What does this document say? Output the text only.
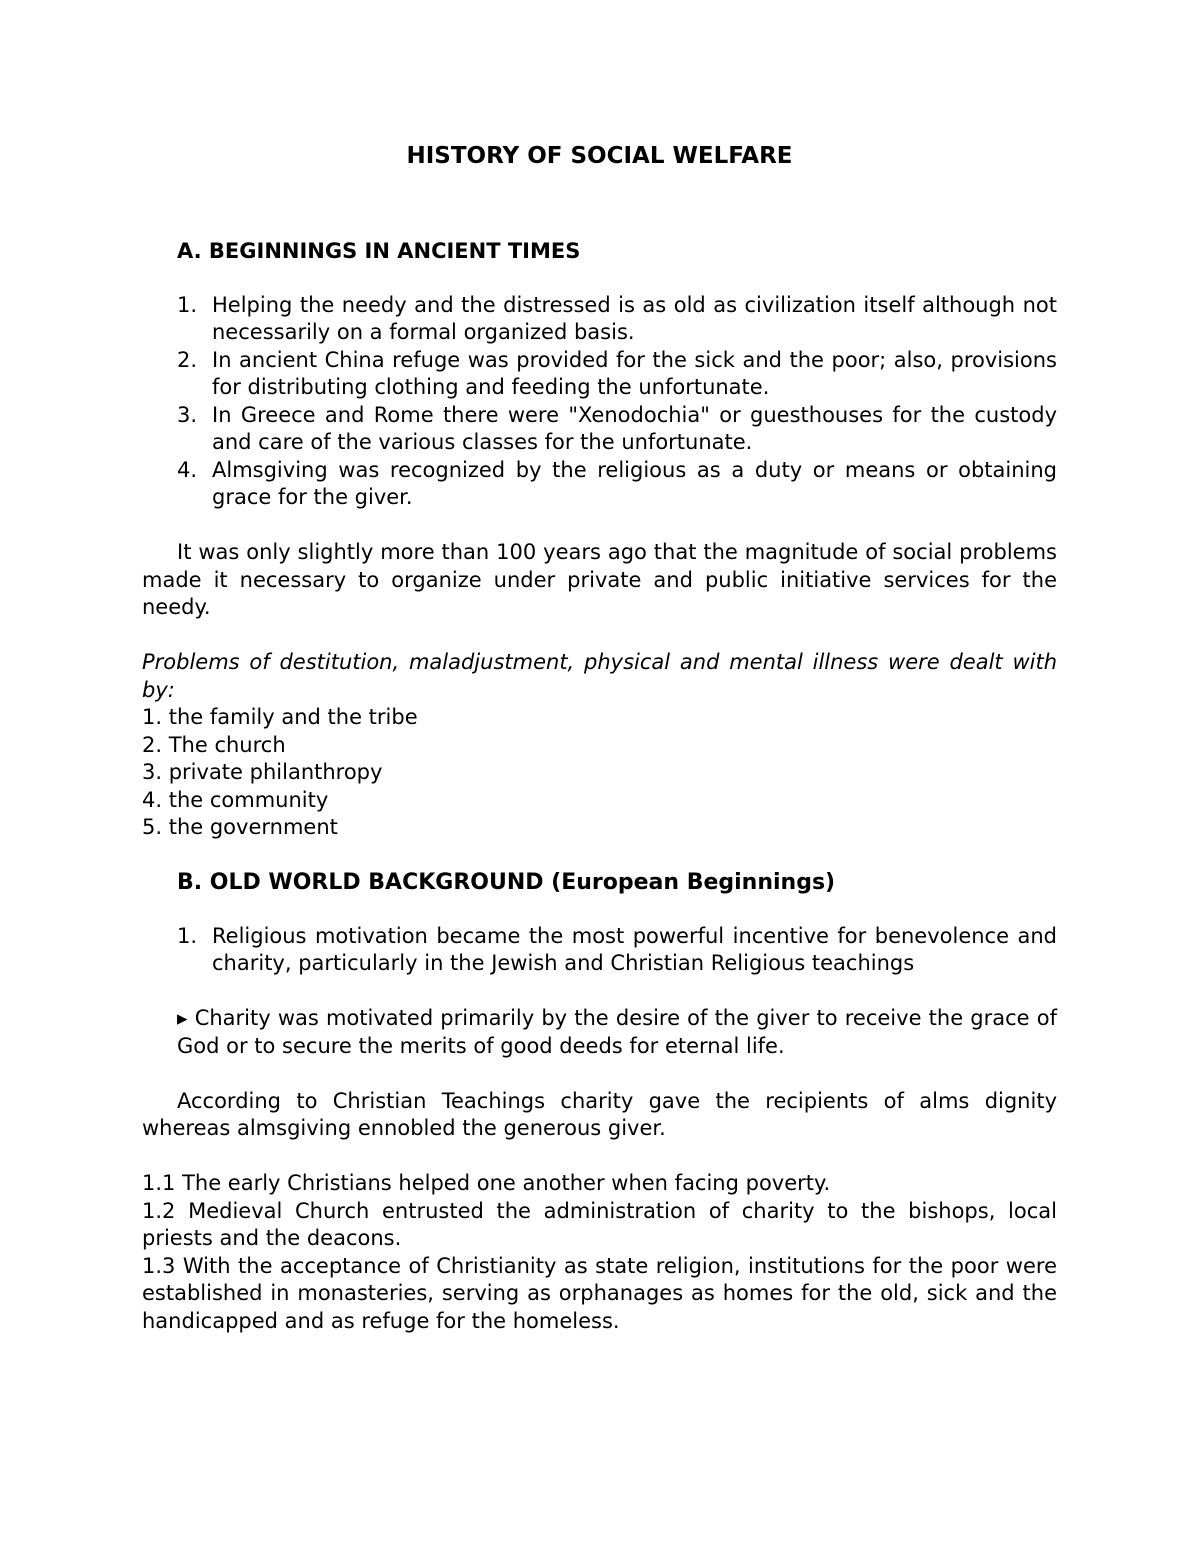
HISTORY OF SOCIAL WELFARE
A. BEGINNINGS IN ANCIENT TIMES
1. Helping the needy and the distressed is as old as civilization itself although not necessarily on a formal organized basis.
2. In ancient China refuge was provided for the sick and the poor; also, provisions for distributing clothing and feeding the unfortunate.
3. In Greece and Rome there were "Xenodochia" or guesthouses for the custody and care of the various classes for the unfortunate.
4. Almsgiving was recognized by the religious as a duty or means or obtaining grace for the giver.

It was only slightly more than 100 years ago that the magnitude of social problems made it necessary to organize under private and public initiative services for the needy.

Problems of destitution, maladjustment, physical and mental illness were dealt with by:

1. the family and the tribe

2. The church

3. private philanthropy

4. the community

5. the government

B. OLD WORLD BACKGROUND (European Beginnings)
1. Religious motivation became the most powerful incentive for benevolence and charity, particularly in the Jewish and Christian Religious teachings

▸ Charity was motivated primarily by the desire of the giver to receive the grace of God or to secure the merits of good deeds for eternal life.

According to Christian Teachings charity gave the recipients of alms dignity whereas almsgiving ennobled the generous giver.

1.1 The early Christians helped one another when facing poverty.

1.2 Medieval Church entrusted the administration of charity to the bishops, local priests and the deacons.

1.3 With the acceptance of Christianity as state religion, institutions for the poor were established in monasteries, serving as orphanages as homes for the old, sick and the handicapped and as refuge for the homeless.
